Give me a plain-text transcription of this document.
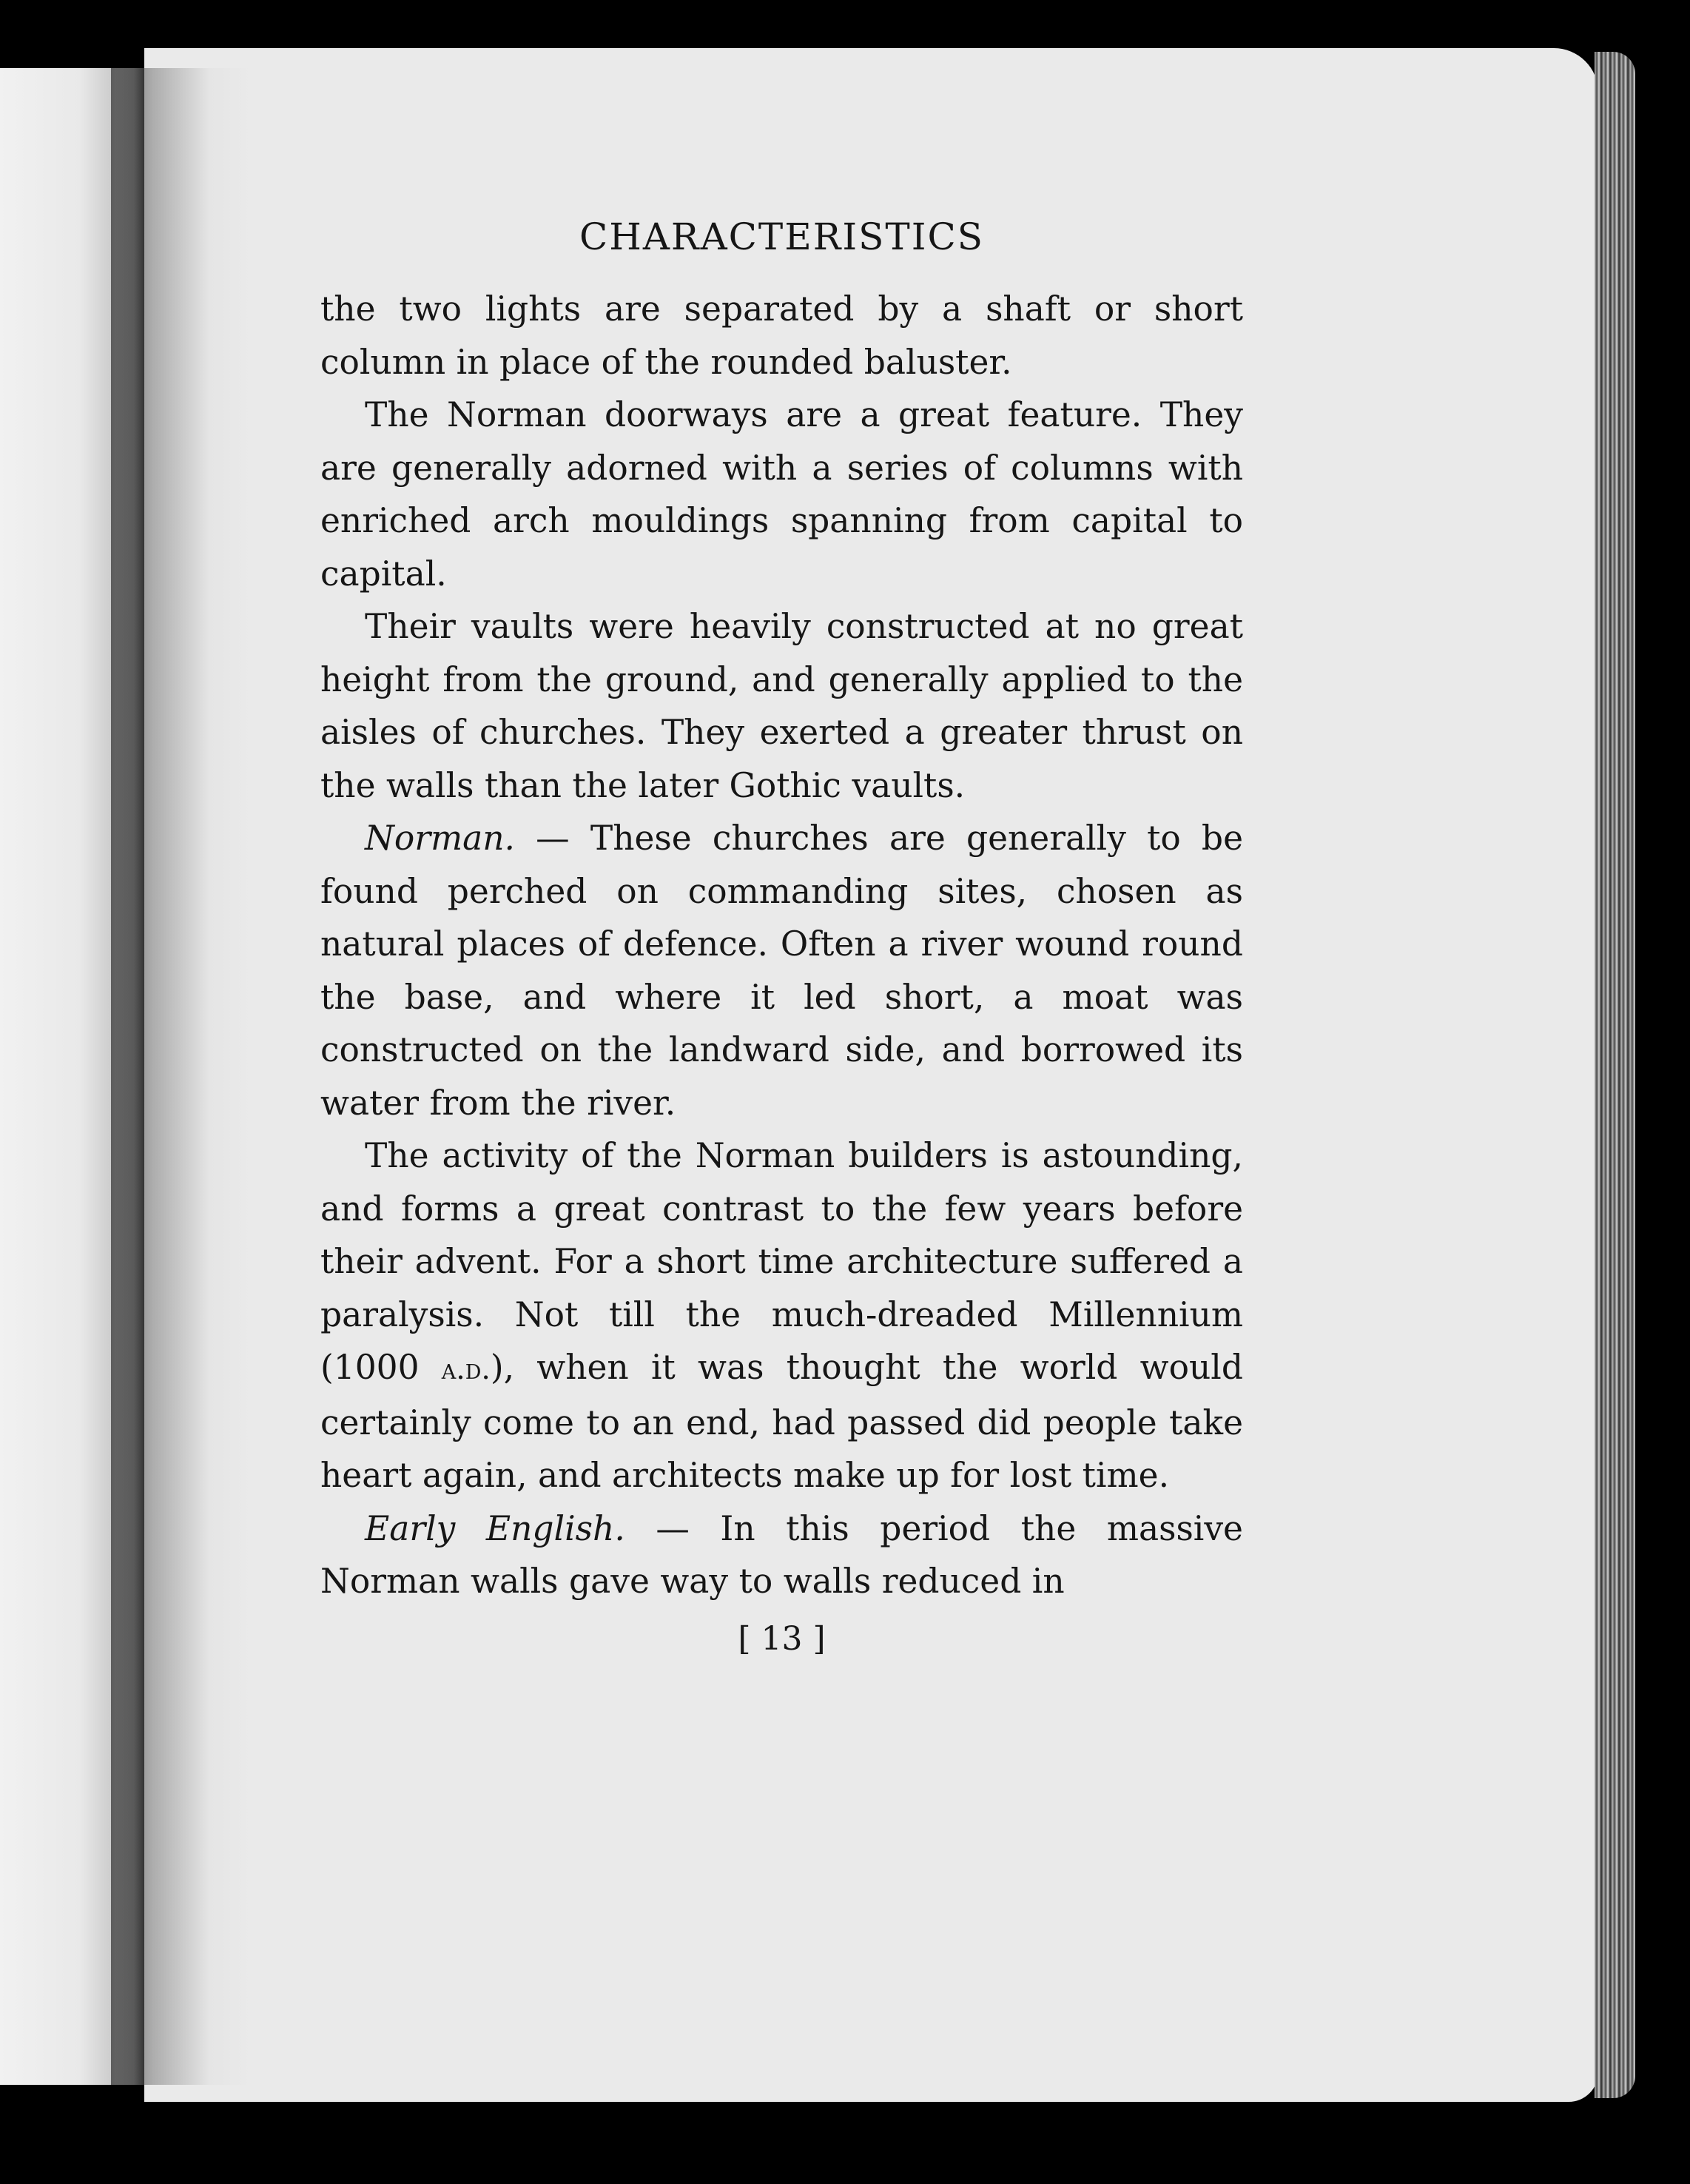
CHARACTERISTICS

the two lights are separated by a shaft or short column in place of the rounded baluster.

The Norman doorways are a great feature. They are generally adorned with a series of columns with enriched arch mouldings spanning from capital to capital.

Their vaults were heavily constructed at no great height from the ground, and generally applied to the aisles of churches. They exerted a greater thrust on the walls than the later Gothic vaults.

Norman. — These churches are generally to be found perched on commanding sites, chosen as natural places of defence. Often a river wound round the base, and where it led short, a moat was constructed on the landward side, and borrowed its water from the river.

The activity of the Norman builders is astounding, and forms a great contrast to the few years before their advent. For a short time architecture suffered a paralysis. Not till the much-dreaded Millennium (1000 a.d.), when it was thought the world would certainly come to an end, had passed did people take heart again, and architects make up for lost time.

Early English. — In this period the massive Norman walls gave way to walls reduced in

[ 13 ]
